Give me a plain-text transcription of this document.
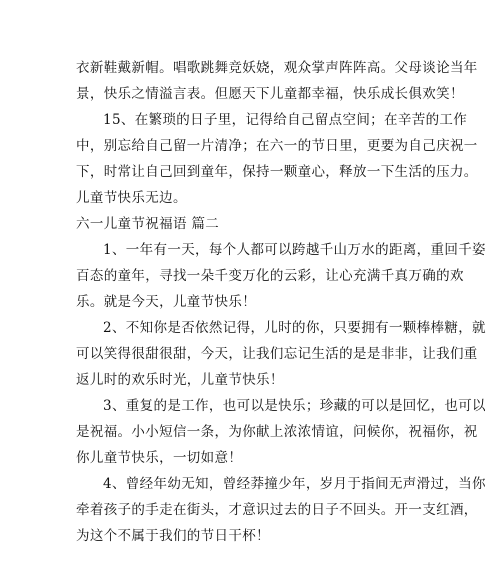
衣新鞋戴新帽。唱歌跳舞竞妖娆，观众掌声阵阵高。父母谈论当年
景，快乐之情溢言表。但愿天下儿童都幸福，快乐成长俱欢笑！
15、在繁琐的日子里，记得给自己留点空间；在辛苦的工作
中，别忘给自己留一片清净；在六一的节日里，更要为自己庆祝一
下，时常让自己回到童年，保持一颗童心，释放一下生活的压力。
儿童节快乐无边。
六一儿童节祝福语 篇二
1、一年有一天，每个人都可以跨越千山万水的距离，重回千姿
百态的童年，寻找一朵千变万化的云彩，让心充满千真万确的欢
乐。就是今天，儿童节快乐！
2、不知你是否依然记得，儿时的你，只要拥有一颗棒棒糖，就
可以笑得很甜很甜，今天，让我们忘记生活的是是非非，让我们重
返儿时的欢乐时光，儿童节快乐！
3、重复的是工作，也可以是快乐；珍藏的可以是回忆，也可以
是祝福。小小短信一条，为你献上浓浓情谊，问候你，祝福你，祝
你儿童节快乐，一切如意！
4、曾经年幼无知，曾经莽撞少年，岁月于指间无声滑过，当你
牵着孩子的手走在街头，才意识过去的日子不回头。开一支红酒，
为这个不属于我们的节日干杯！
